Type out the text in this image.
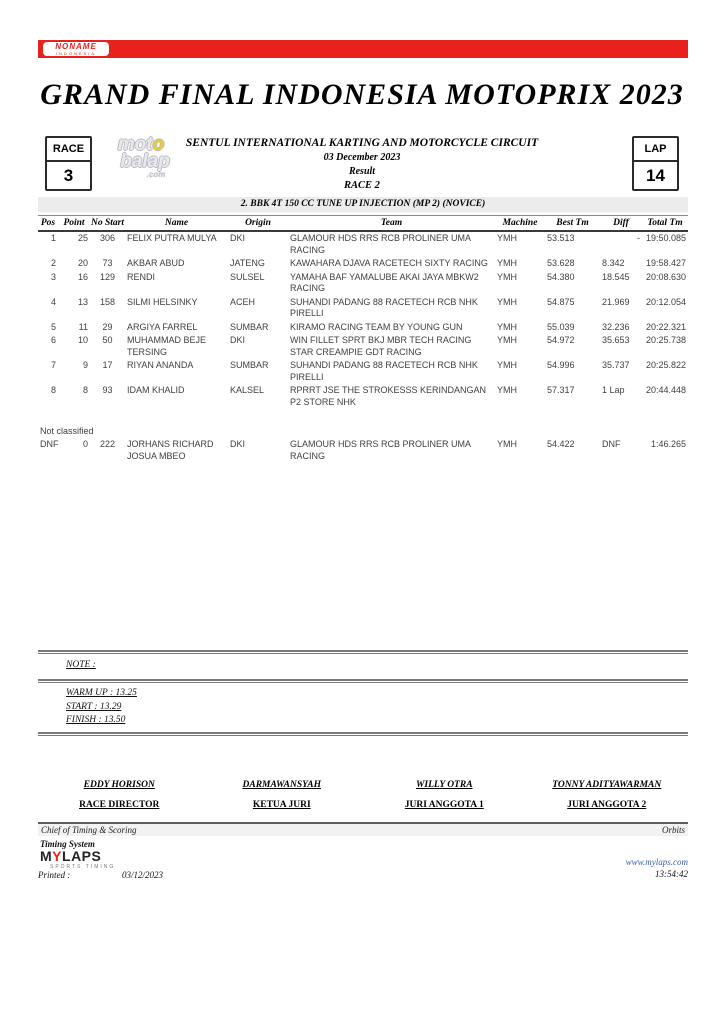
NONAME
INDONESIA
GRAND FINAL INDONESIA MOTOPRIX 2023
RACE
3
moto
balap
.com
SENTUL INTERNATIONAL KARTING AND MOTORCYCLE CIRCUIT
03 December 2023
Result
RACE 2
LAP
14
2. BBK 4T 150 CC TUNE UP INJECTION (MP 2) (NOVICE)
Pos	Point	No Start	Name	Origin	Team	Machine	Best Tm	Diff	Total Tm
1	25	306	FELIX PUTRA MULYA	DKI	GLAMOUR HDS RRS RCB PROLINER UMA RACING	YMH	53.513	-	19:50.085
2	20	73	AKBAR ABUD	JATENG	KAWAHARA DJAVA RACETECH SIXTY RACING	YMH	53.628	8.342	19:58.427
3	16	129	RENDI	SULSEL	YAMAHA BAF YAMALUBE AKAI JAYA MBKW2 RACING	YMH	54.380	18.545	20:08.630
4	13	158	SILMI HELSINKY	ACEH	SUHANDI PADANG 88 RACETECH RCB NHK PIRELLI	YMH	54.875	21.969	20:12.054
5	11	29	ARGIYA FARREL	SUMBAR	KIRAMO RACING TEAM BY YOUNG GUN	YMH	55.039	32.236	20:22.321
6	10	50	MUHAMMAD BEJE TERSING	DKI	WIN FILLET SPRT BKJ MBR TECH RACING STAR CREAMPIE GDT RACING	YMH	54.972	35.653	20:25.738
7	9	17	RIYAN ANANDA	SUMBAR	SUHANDI PADANG 88 RACETECH RCB NHK PIRELLI	YMH	54.996	35.737	20:25.822
8	8	93	IDAM KHALID	KALSEL	RPRRT JSE THE STROKESSS KERINDANGAN P2 STORE NHK	YMH	57.317	1 Lap	20:44.448
Not classified
DNF	0	222	JORHANS RICHARD JOSUA MBEO	DKI	GLAMOUR HDS RRS RCB PROLINER UMA RACING	YMH	54.422	DNF	1:46.265
NOTE :
WARM UP : 13.25
START : 13.29
FINISH : 13.50
EDDY HORISON
RACE DIRECTOR
DARMAWANSYAH
KETUA JURI
WILLY OTRA
JURI ANGGOTA 1
TONNY ADITYAWARMAN
JURI ANGGOTA 2
Chief of Timing & Scoring	Orbits
Timing System
MYLAPS
SPORTS TIMING	www.mylaps.com
13:54:42
Printed :	03/12/2023
